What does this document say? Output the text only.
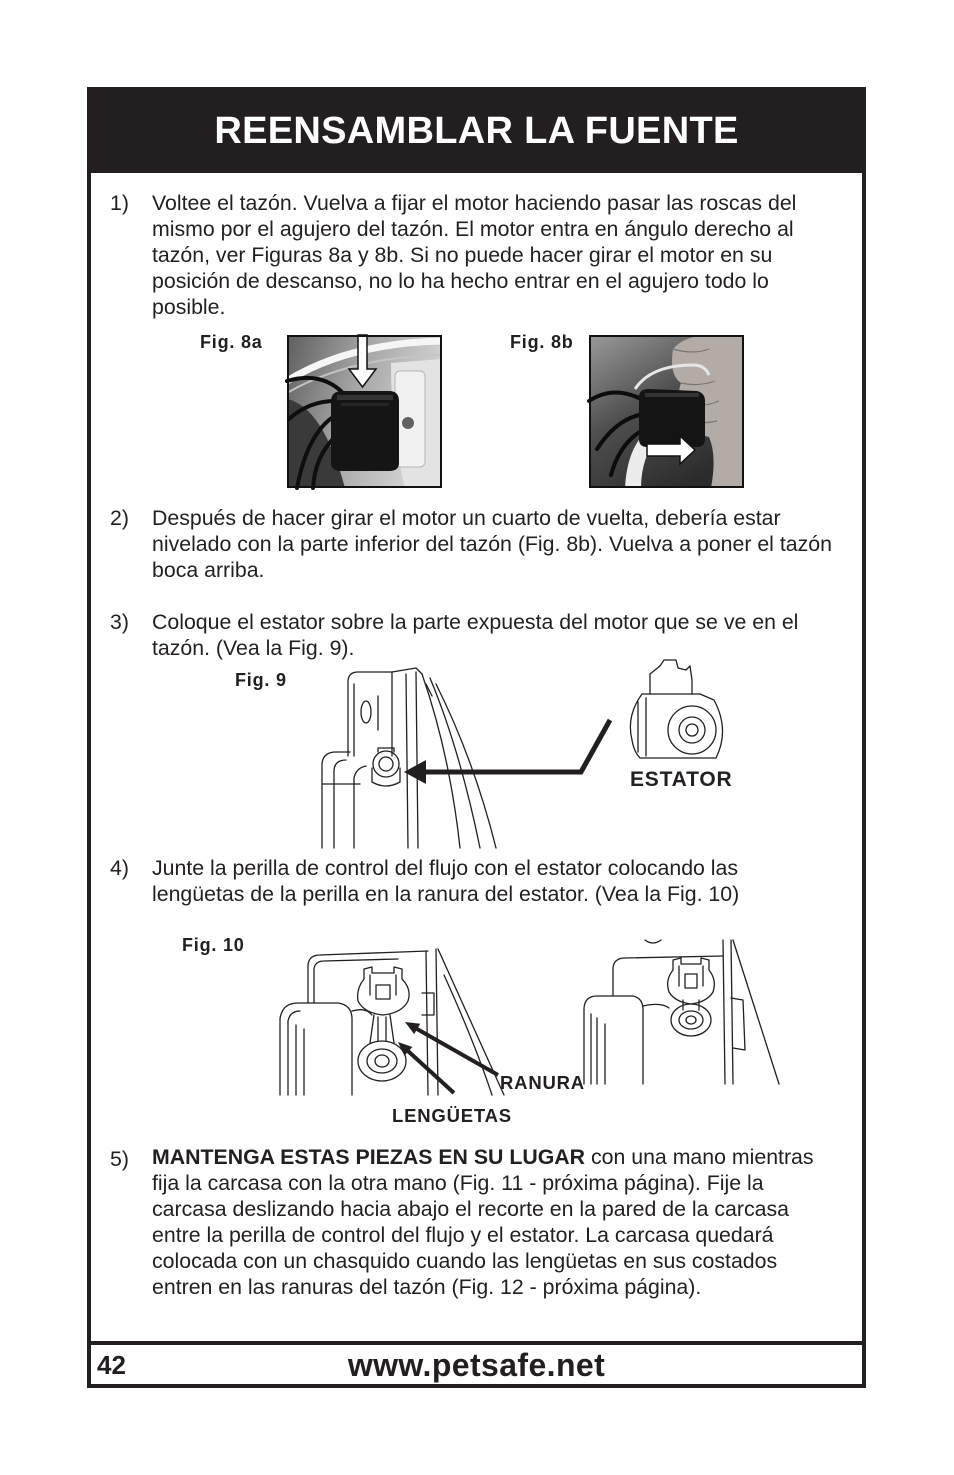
REENSAMBLAR LA FUENTE
1) Voltee el tazón. Vuelva a fijar el motor haciendo pasar las roscas del
mismo por el agujero del tazón. El motor entra en ángulo derecho al
tazón, ver Figuras 8a y 8b. Si no puede hacer girar el motor en su
posición de descanso, no lo ha hecho entrar en el agujero todo lo
posible.
Fig. 8a	Fig. 8b
2) Después de hacer girar el motor un cuarto de vuelta, debería estar
nivelado con la parte inferior del tazón (Fig. 8b). Vuelva a poner el tazón
boca arriba.
3) Coloque el estator sobre la parte expuesta del motor que se ve en el
tazón. (Vea la Fig. 9).
Fig. 9
ESTATOR
4) Junte la perilla de control del flujo con el estator colocando las
lengüetas de la perilla en la ranura del estator. (Vea la Fig. 10)
Fig. 10
RANURA
LENGÜETAS
5) MANTENGA ESTAS PIEZAS EN SU LUGAR con una mano mientras
fija la carcasa con la otra mano (Fig. 11 - próxima página). Fije la
carcasa deslizando hacia abajo el recorte en la pared de la carcasa
entre la perilla de control del flujo y el estator. La carcasa quedará
colocada con un chasquido cuando las lengüetas en sus costados
entren en las ranuras del tazón (Fig. 12 - próxima página).
42	www.petsafe.net
